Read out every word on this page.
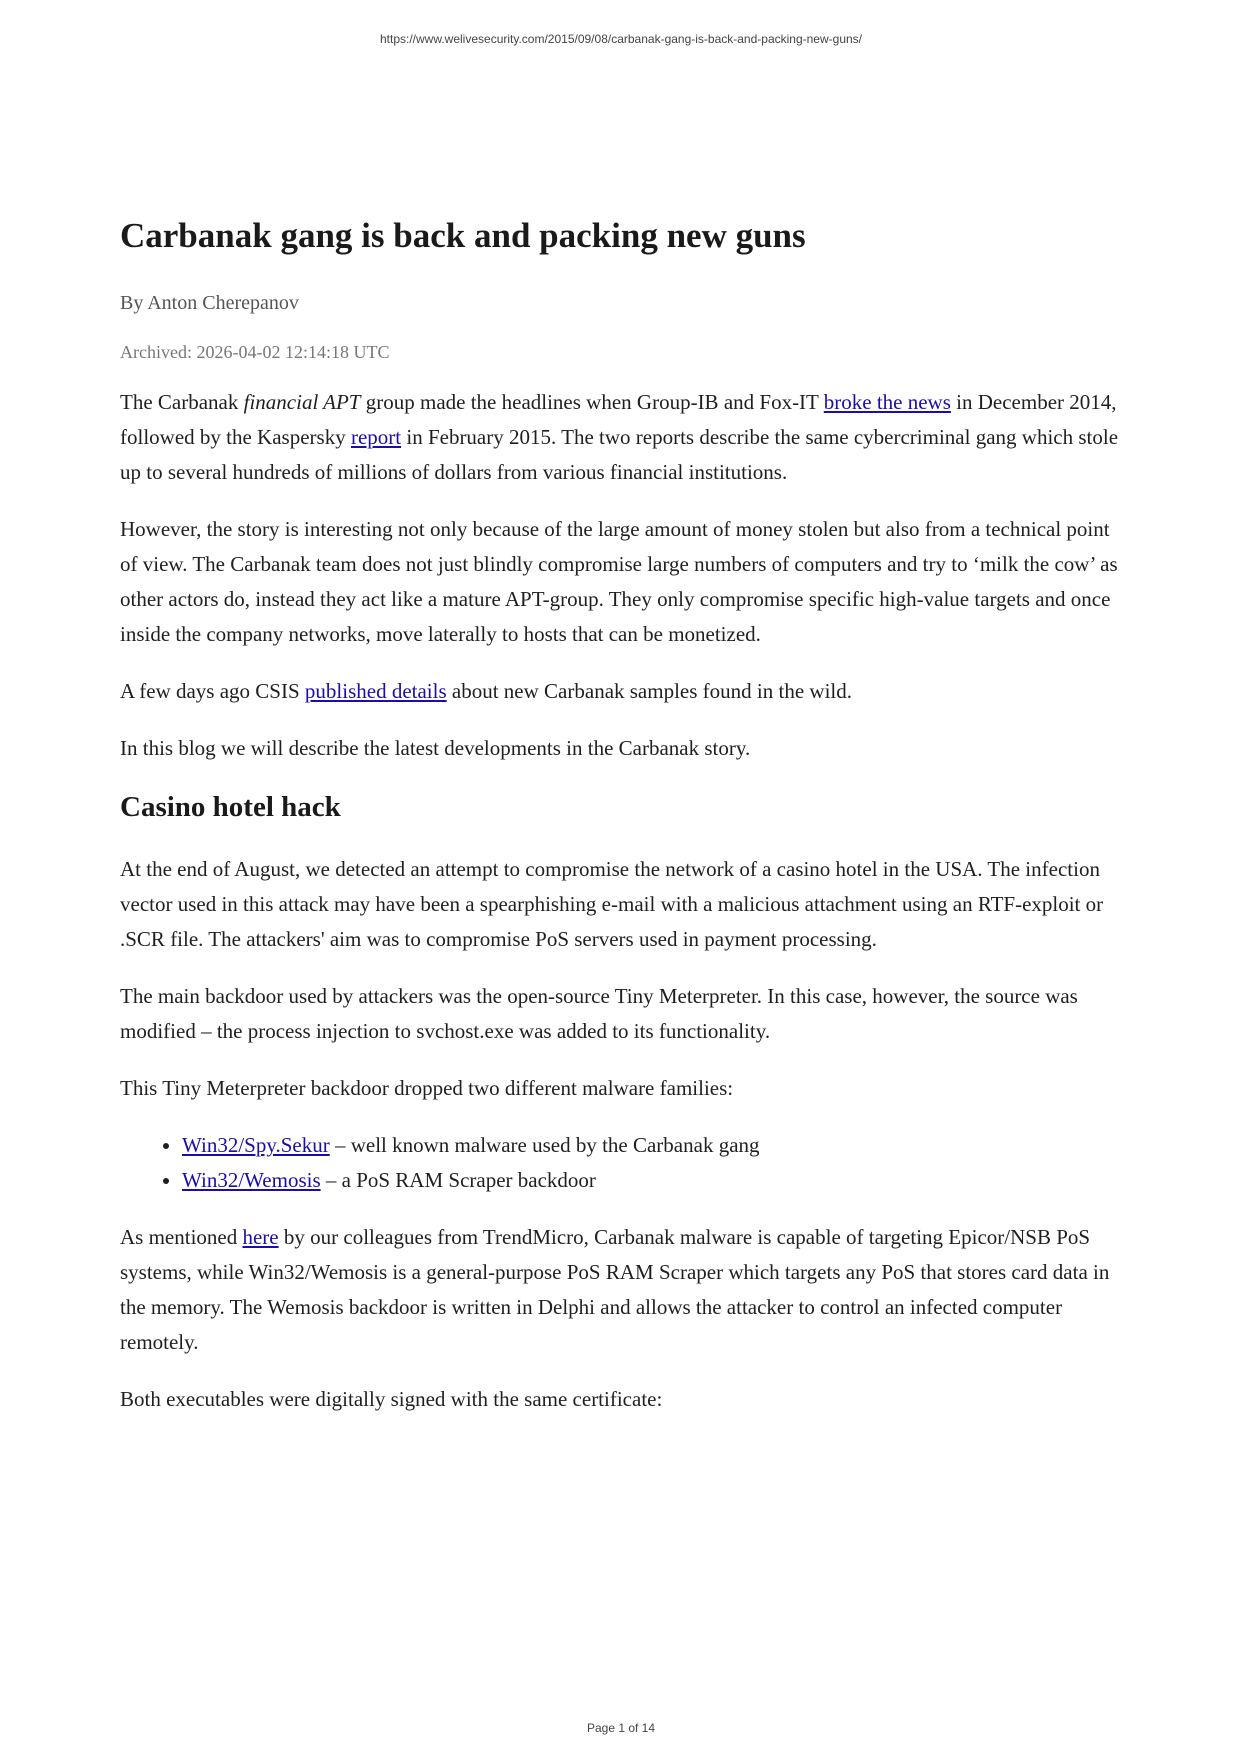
https://www.welivesecurity.com/2015/09/08/carbanak-gang-is-back-and-packing-new-guns/
Carbanak gang is back and packing new guns
By Anton Cherepanov
Archived: 2026-04-02 12:14:18 UTC

The Carbanak financial APT group made the headlines when Group-IB and Fox-IT broke the news in December 2014, followed by the Kaspersky report in February 2015. The two reports describe the same cybercriminal gang which stole up to several hundreds of millions of dollars from various financial institutions.

However, the story is interesting not only because of the large amount of money stolen but also from a technical point of view. The Carbanak team does not just blindly compromise large numbers of computers and try to ‘milk the cow’ as other actors do, instead they act like a mature APT-group. They only compromise specific high-value targets and once inside the company networks, move laterally to hosts that can be monetized.

A few days ago CSIS published details about new Carbanak samples found in the wild.

In this blog we will describe the latest developments in the Carbanak story.

Casino hotel hack

At the end of August, we detected an attempt to compromise the network of a casino hotel in the USA. The infection vector used in this attack may have been a spearphishing e-mail with a malicious attachment using an RTF-exploit or .SCR file. The attackers' aim was to compromise PoS servers used in payment processing.

The main backdoor used by attackers was the open-source Tiny Meterpreter. In this case, however, the source was modified – the process injection to svchost.exe was added to its functionality.

This Tiny Meterpreter backdoor dropped two different malware families:

• Win32/Spy.Sekur – well known malware used by the Carbanak gang
• Win32/Wemosis – a PoS RAM Scraper backdoor

As mentioned here by our colleagues from TrendMicro, Carbanak malware is capable of targeting Epicor/NSB PoS systems, while Win32/Wemosis is a general-purpose PoS RAM Scraper which targets any PoS that stores card data in the memory. The Wemosis backdoor is written in Delphi and allows the attacker to control an infected computer remotely.

Both executables were digitally signed with the same certificate:

Page 1 of 14
